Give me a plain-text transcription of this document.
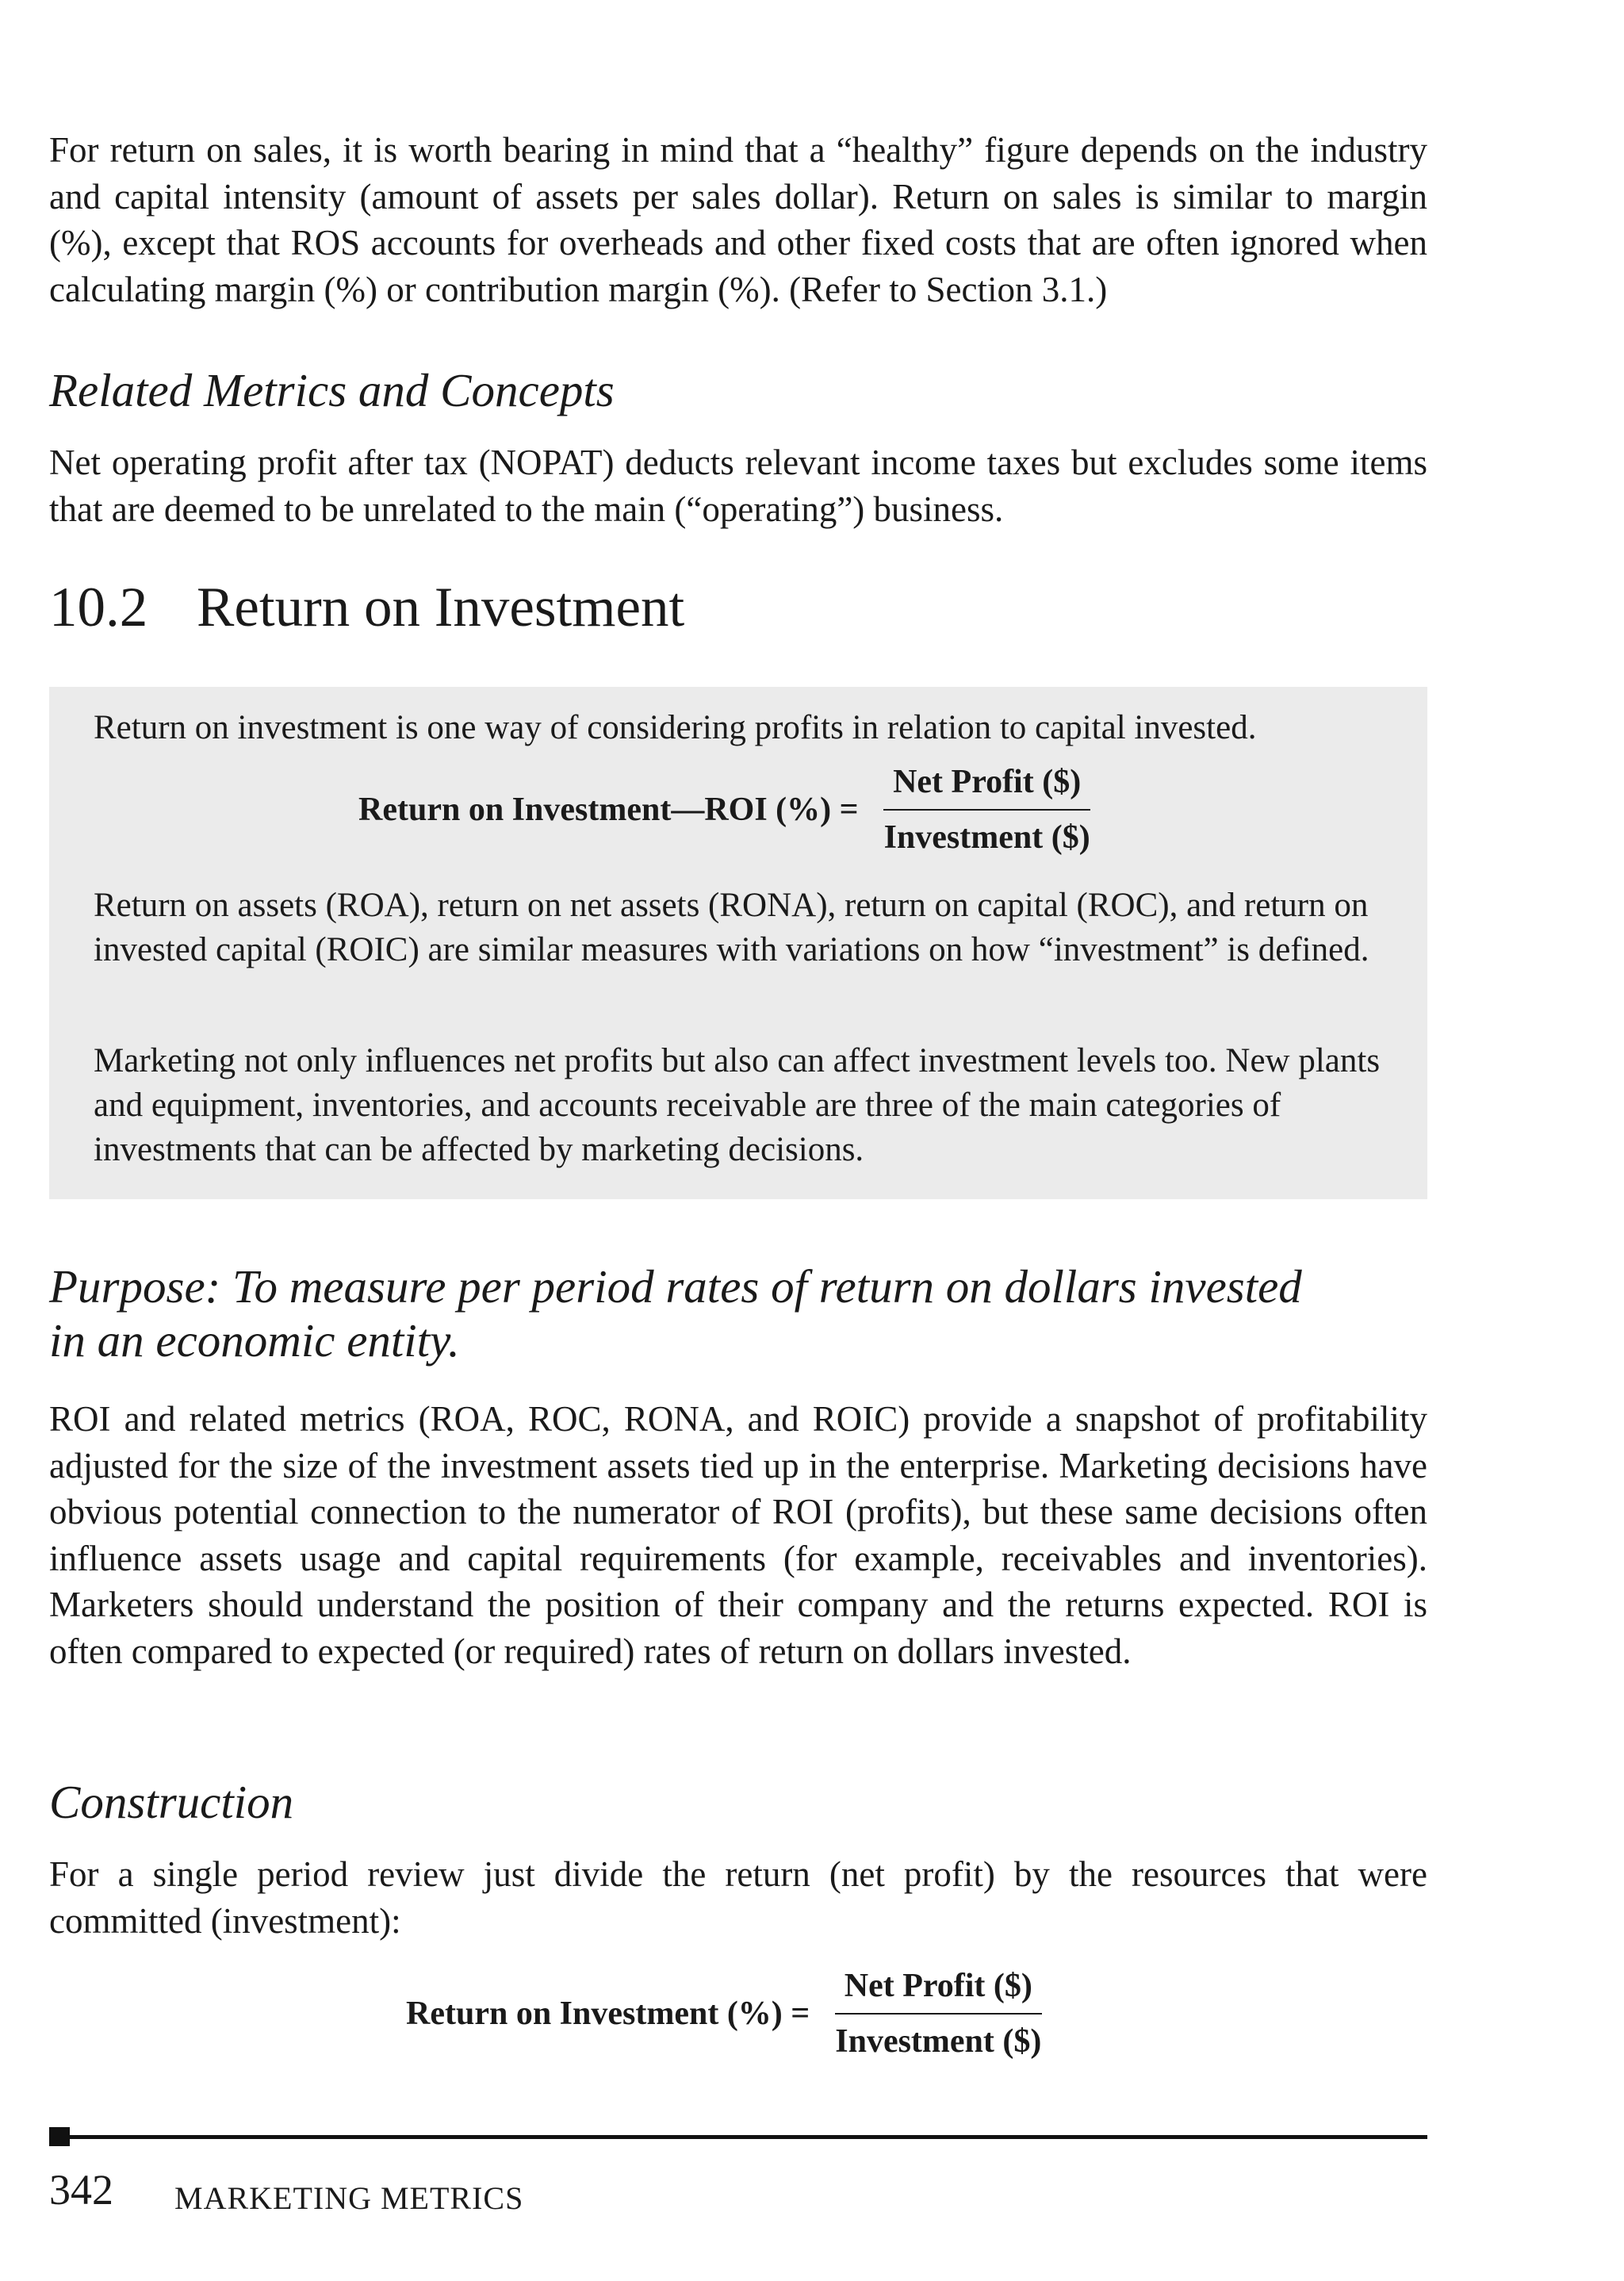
For return on sales, it is worth bearing in mind that a “healthy” figure depends on the industry and capital intensity (amount of assets per sales dollar). Return on sales is similar to margin (%), except that ROS accounts for overheads and other fixed costs that are often ignored when calculating margin (%) or contribution margin (%). (Refer to Section 3.1.)

Related Metrics and Concepts

Net operating profit after tax (NOPAT) deducts relevant income taxes but excludes some items that are deemed to be unrelated to the main (“operating”) business.

10.2 Return on Investment

Return on investment is one way of considering profits in relation to capital invested.

Return on Investment—ROI (%) = $\frac{\text{Net Profit (\$)}}{\text{Investment (\$)}}$

Return on assets (ROA), return on net assets (RONA), return on capital (ROC), and return on invested capital (ROIC) are similar measures with variations on how “investment” is defined.

Marketing not only influences net profits but also can affect investment levels too. New plants and equipment, inventories, and accounts receivable are three of the main categories of investments that can be affected by marketing decisions.

Purpose: To measure per period rates of return on dollars invested in an economic entity.

ROI and related metrics (ROA, ROC, RONA, and ROIC) provide a snapshot of profitability adjusted for the size of the investment assets tied up in the enterprise. Marketing decisions have obvious potential connection to the numerator of ROI (profits), but these same decisions often influence assets usage and capital requirements (for example, receivables and inventories). Marketers should understand the position of their company and the returns expected. ROI is often compared to expected (or required) rates of return on dollars invested.

Construction

For a single period review just divide the return (net profit) by the resources that were committed (investment):

Return on Investment (%) = $\frac{\text{Net Profit (\$)}}{\text{Investment (\$)}}$
342 MARKETING METRICS
